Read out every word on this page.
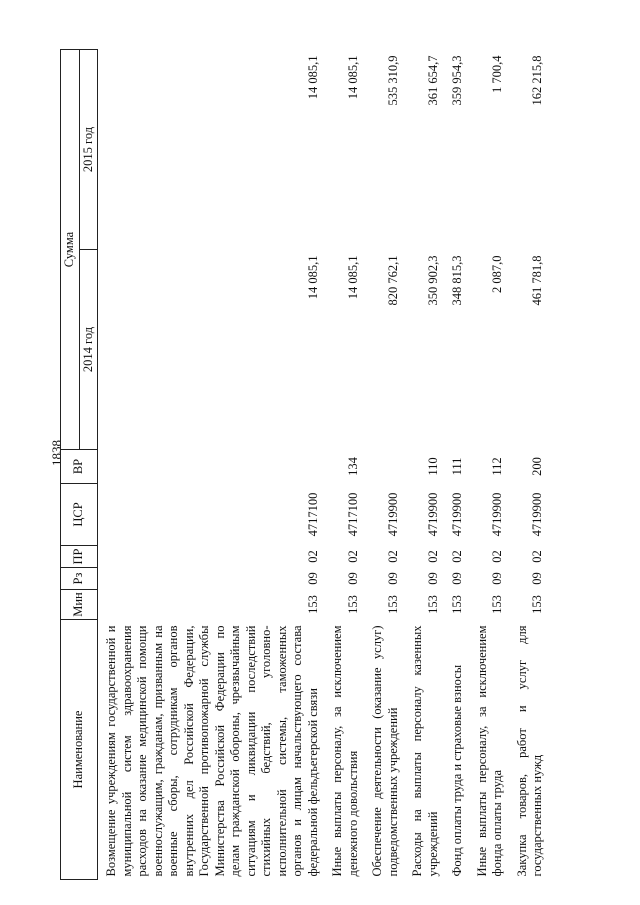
1838
Наименование	Мин	Рз	ПР	ЦСР	ВР	Сумма	
						2014 год	2015 год
Возмещение учреждениям государственной и муниципальной систем здравоохранения расходов на оказание медицинской помощи военнослужащим, гражданам, призванным на военные сборы, сотрудникам органов внутренних дел Российской Федерации, Государственной противопожарной службы Министерства Российской Федерации по делам гражданской обороны, чрезвычайным ситуациям и ликвидации последствий стихийных бедствий, уголовно-исполнительной системы, таможенных органов и лицам начальствующего состава федеральной фельдъегерской связи	153	09	02	4717100		14 085,1	14 085,1
Иные выплаты персоналу, за исключением денежного довольствия	153	09	02	4717100	134	14 085,1	14 085,1
Обеспечение деятельности (оказание услуг) подведомственных учреждений	153	09	02	4719900		820 762,1	535 310,9
Расходы на выплаты персоналу казенных учреждений	153	09	02	4719900	110	350 902,3	361 654,7
Фонд оплаты труда и страховые взносы	153	09	02	4719900	111	348 815,3	359 954,3
Иные выплаты персоналу, за исключением фонда оплаты труда	153	09	02	4719900	112	2 087,0	1 700,4
Закупка товаров, работ и услуг для государственных нужд	153	09	02	4719900	200	461 781,8	162 215,8
